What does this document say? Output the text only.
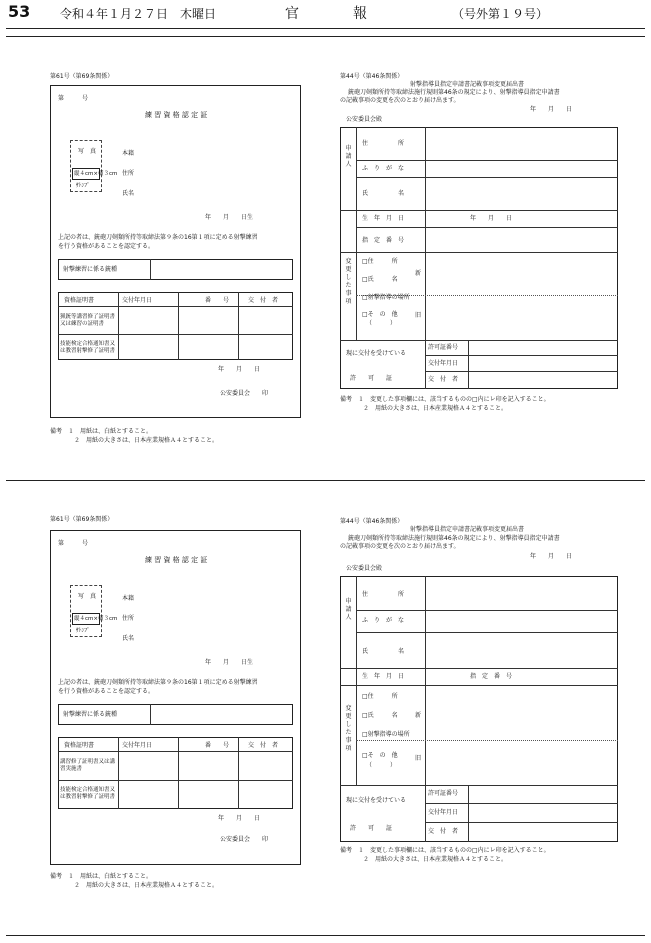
53 令和４年１月２７日　木曜日	官　報	（号外第１９号）
第61号（第69条関係）
第　　　号
練 習 資 格 認 定 証
写　真
縦４cm×横３cm
ｻﾄﾝﾌﾟ
本籍
住所
氏名
年　　月　　日生
上記の者は、銃砲刀剣類所持等取締法第９条の16第１項に定める射撃練習
を行う資格があることを認定する。
射撃練習に係る銃種
資格証明書	交付年月日	番　　号	交　付　者
猟銃等講習修了証明書又は練習の証明書
技能検定合格通知書又は教習射撃修了証明書
年　　月　　日
公安委員会　　印
備考　１　用紙は、白紙とすること。
２　用紙の大きさは、日本産業規格Ａ４とすること。
第44号（第46条関係）
射撃指導員指定申請書記載事項変更届出書
銃砲刀剣類所持等取締法施行規則第46条の規定により、射撃指導員指定申請書
の記載事項の変更を次のとおり届け出ます。
年　　月　　日
公安委員会殿
申請人
変更した事項
住　　　　　所
ふ　り　が　な
氏　　　　　名
生　年　月　日	年　　月　　日
指　定　番　号
□住　　　所
□氏　　　名
□射撃指導の場所
□そ　の　他
（　　　）
新
旧
現に交付を受けている
許　　可　　証
許可証番号
交付年月日
交　付　者
備考　１　変更した事項欄には、該当するものの□内にレ印を記入すること。
２　用紙の大きさは、日本産業規格Ａ４とすること。
第61号（第69条関係）
第　　　号
練 習 資 格 認 定 証
写　真
縦４cm×横３cm
ｻﾄﾝﾌﾟ
本籍
住所
氏名
年　　月　　日生
上記の者は、銃砲刀剣類所持等取締法第９条の16第１項に定める射撃練習
を行う資格があることを認定する。
射撃練習に係る銃種
資格証明書	交付年月日	番　　号	交　付　者
講習修了証明書又は講習実施書
技能検定合格通知書又は教習射撃修了証明書
年　　月　　日
公安委員会　　印
備考　１　用紙は、白紙とすること。
２　用紙の大きさは、日本産業規格Ａ４とすること。
第44号（第46条関係）
射撃指導員指定申請書記載事項変更届出書
銃砲刀剣類所持等取締法施行規則第46条の規定により、射撃指導員指定申請書
の記載事項の変更を次のとおり届け出ます。
年　　月　　日
公安委員会殿
申請人
変更した事項
住　　　　　所
ふ　り　が　な
氏　　　　　名
生　年　月　日	指　定　番　号
□住　　　所
□氏　　　名
□射撃指導の場所
□そ　の　他
（　　　）
新
旧
現に交付を受けている
許　　可　　証
許可証番号
交付年月日
交　付　者
備考　１　変更した事項欄には、該当するものの□内にレ印を記入すること。
２　用紙の大きさは、日本産業規格Ａ４とすること。
